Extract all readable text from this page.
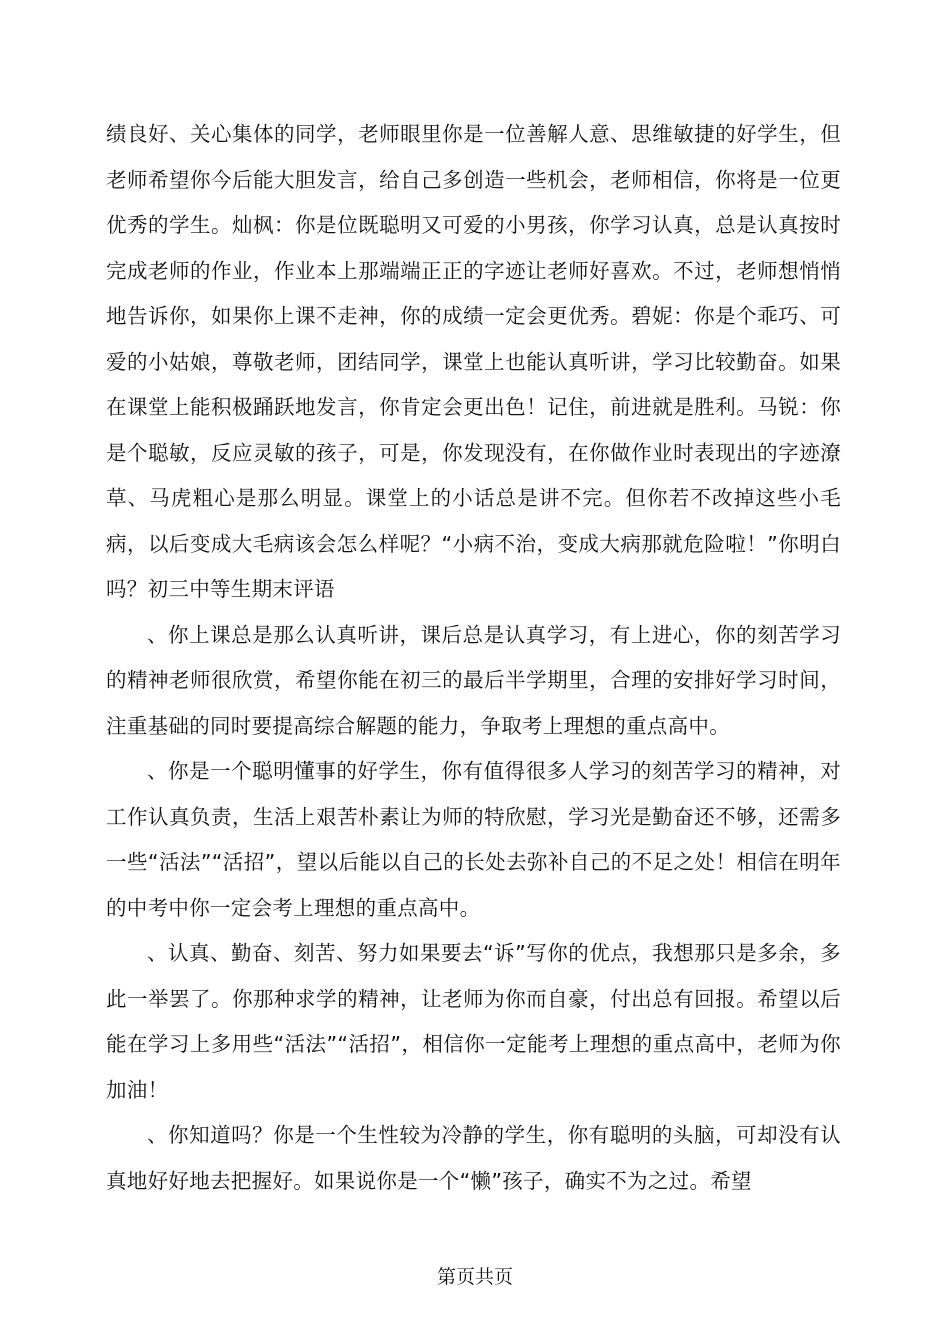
绩良好、关心集体的同学，老师眼里你是一位善解人意、思维敏捷的好学生，但老师希望你今后能大胆发言，给自己多创造一些机会，老师相信，你将是一位更优秀的学生。灿枫：你是位既聪明又可爱的小男孩，你学习认真，总是认真按时完成老师的作业，作业本上那端端正正的字迹让老师好喜欢。不过，老师想悄悄地告诉你，如果你上课不走神，你的成绩一定会更优秀。碧妮：你是个乖巧、可爱的小姑娘，尊敬老师，团结同学，课堂上也能认真听讲，学习比较勤奋。如果在课堂上能积极踊跃地发言，你肯定会更出色！记住，前进就是胜利。马锐：你是个聪敏，反应灵敏的孩子，可是，你发现没有，在你做作业时表现出的字迹潦草、马虎粗心是那么明显。课堂上的小话总是讲不完。但你若不改掉这些小毛病，以后变成大毛病该会怎么样呢？“小病不治，变成大病那就危险啦！”你明白吗？初三中等生期末评语

、你上课总是那么认真听讲，课后总是认真学习，有上进心，你的刻苦学习的精神老师很欣赏，希望你能在初三的最后半学期里，合理的安排好学习时间，注重基础的同时要提高综合解题的能力，争取考上理想的重点高中。

、你是一个聪明懂事的好学生，你有值得很多人学习的刻苦学习的精神，对工作认真负责，生活上艰苦朴素让为师的特欣慰，学习光是勤奋还不够，还需多一些“活法”“活招”，望以后能以自己的长处去弥补自己的不足之处！相信在明年的中考中你一定会考上理想的重点高中。

、认真、勤奋、刻苦、努力如果要去“诉”写你的优点，我想那只是多余，多此一举罢了。你那种求学的精神，让老师为你而自豪，付出总有回报。希望以后能在学习上多用些“活法”“活招”，相信你一定能考上理想的重点高中，老师为你加油！

、你知道吗？你是一个生性较为冷静的学生，你有聪明的头脑，可却没有认真地好好地去把握好。如果说你是一个“懒”孩子，确实不为之过。希望

第页共页
